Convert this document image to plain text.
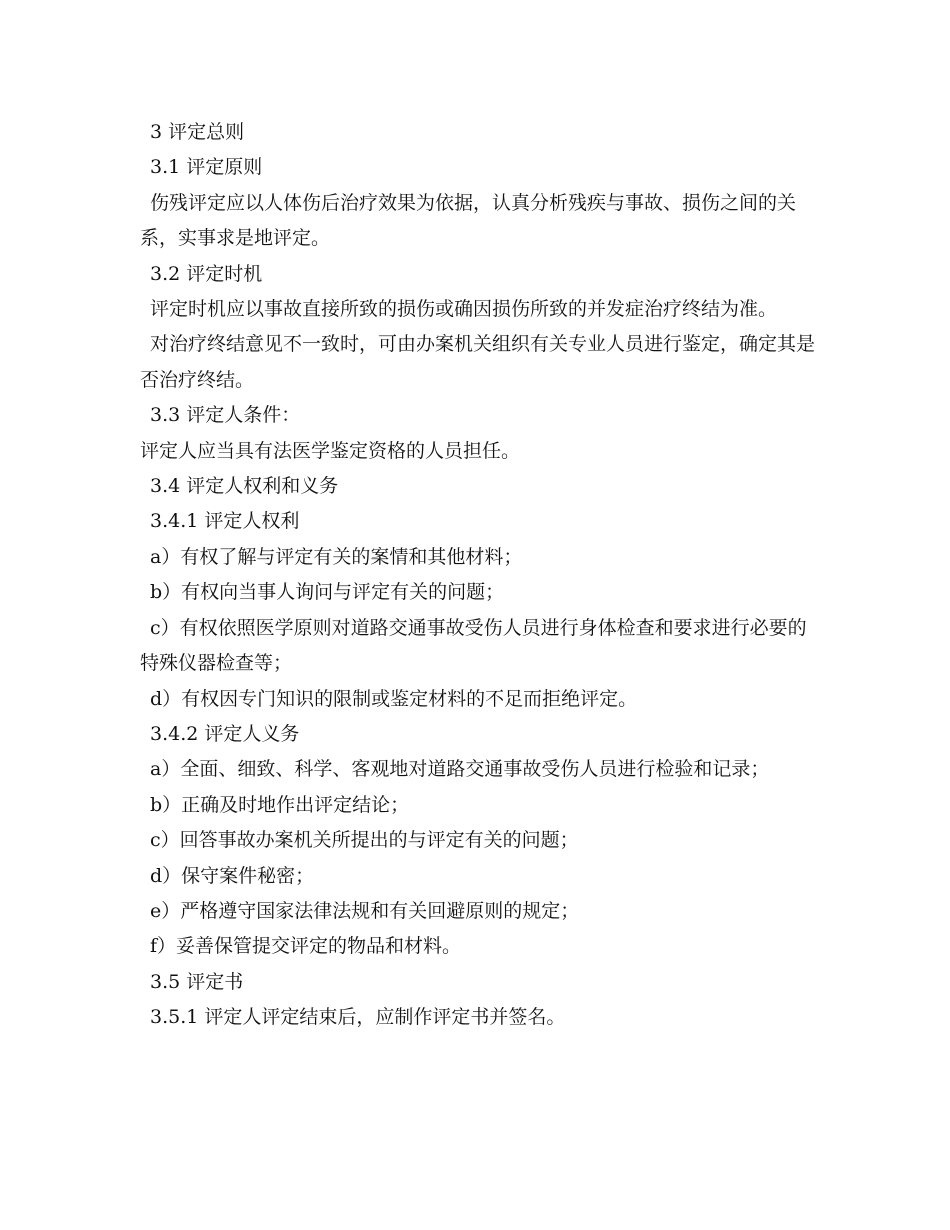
3 评定总则

3.1 评定原则

伤残评定应以人体伤后治疗效果为依据，认真分析残疾与事故、损伤之间的关系，实事求是地评定。

3.2 评定时机

评定时机应以事故直接所致的损伤或确因损伤所致的并发症治疗终结为准。

对治疗终结意见不一致时，可由办案机关组织有关专业人员进行鉴定，确定其是否治疗终结。

3.3 评定人条件：

评定人应当具有法医学鉴定资格的人员担任。

3.4 评定人权利和义务

3.4.1 评定人权利

a）有权了解与评定有关的案情和其他材料；

b）有权向当事人询问与评定有关的问题；

c）有权依照医学原则对道路交通事故受伤人员进行身体检查和要求进行必要的特殊仪器检查等；

d）有权因专门知识的限制或鉴定材料的不足而拒绝评定。

3.4.2 评定人义务

a）全面、细致、科学、客观地对道路交通事故受伤人员进行检验和记录；

b）正确及时地作出评定结论；

c）回答事故办案机关所提出的与评定有关的问题；

d）保守案件秘密；

e）严格遵守国家法律法规和有关回避原则的规定；

f）妥善保管提交评定的物品和材料。

3.5 评定书

3.5.1 评定人评定结束后，应制作评定书并签名。
